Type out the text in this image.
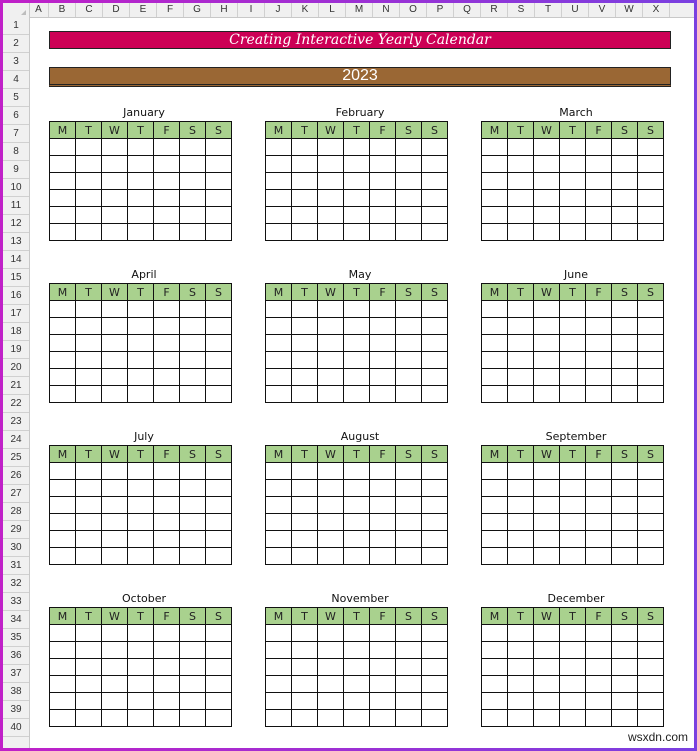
A	B	C	D	E	F	G	H	I	J	K	L	M	N	O	P	Q	R	S	T	U	V	W	X
1
2
3
4
5
6
7
8
9
10
11
12
13
14
15
16
17
18
19
20
21
22
23
24
25
26
27
28
29
30
31
32
33
34
35
36
37
38
39
40
Creating Interactive Yearly Calendar
2023
January
M	T	W	T	F	S	S

February
M	T	W	T	F	S	S

March
M	T	W	T	F	S	S

April
M	T	W	T	F	S	S

May
M	T	W	T	F	S	S

June
M	T	W	T	F	S	S

July
M	T	W	T	F	S	S

August
M	T	W	T	F	S	S

September
M	T	W	T	F	S	S

October
M	T	W	T	F	S	S

November
M	T	W	T	F	S	S

December
M	T	W	T	F	S	S

wsxdn.com
